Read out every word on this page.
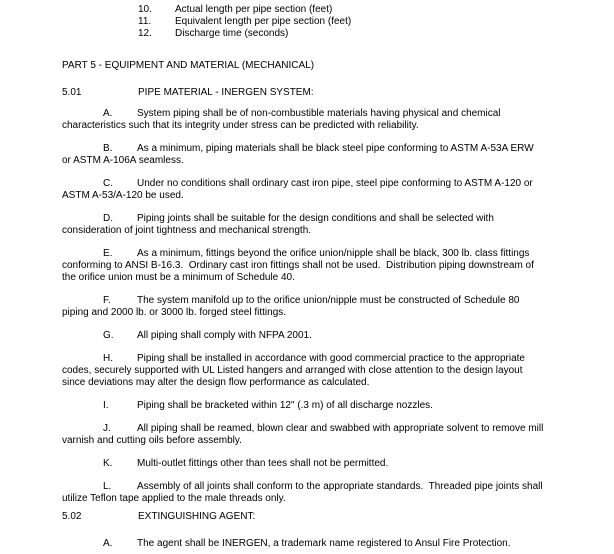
10. Actual length per pipe section (feet)
11. Equivalent length per pipe section (feet)
12. Discharge time (seconds)
PART 5 - EQUIPMENT AND MATERIAL (MECHANICAL)
5.01	PIPE MATERIAL - INERGEN SYSTEM:

A. System piping shall be of non-combustible materials having physical and chemical
characteristics such that its integrity under stress can be predicted with reliability.

B. As a minimum, piping materials shall be black steel pipe conforming to ASTM A-53A ERW
or ASTM A-106A seamless.

C. Under no conditions shall ordinary cast iron pipe, steel pipe conforming to ASTM A-120 or
ASTM A-53/A-120 be used.

D. Piping joints shall be suitable for the design conditions and shall be selected with
consideration of joint tightness and mechanical strength.

E. As a minimum, fittings beyond the orifice union/nipple shall be black, 300 lb. class fittings
conforming to ANSI B-16.3.  Ordinary cast iron fittings shall not be used.  Distribution piping downstream of
the orifice union must be a minimum of Schedule 40.

F.	The system manifold up to the orifice union/nipple must be constructed of Schedule 80
piping and 2000 lb. or 3000 lb. forged steel fittings.

G. All piping shall comply with NFPA 2001.

H. Piping shall be installed in accordance with good commercial practice to the appropriate
codes, securely supported with UL Listed hangers and arranged with close attention to the design layout
since deviations may alter the design flow performance as calculated.

I.	Piping shall be bracketed within 12" (.3 m) of all discharge nozzles.

J.	All piping shall be reamed, blown clear and swabbed with appropriate solvent to remove mill
varnish and cutting oils before assembly.

K. Multi-outlet fittings other than tees shall not be permitted.

L.	Assembly of all joints shall conform to the appropriate standards.  Threaded pipe joints shall
utilize Teflon tape applied to the male threads only.

5.02	EXTINGUISHING AGENT:

A. The agent shall be INERGEN, a trademark name registered to Ansul Fire Protection.
